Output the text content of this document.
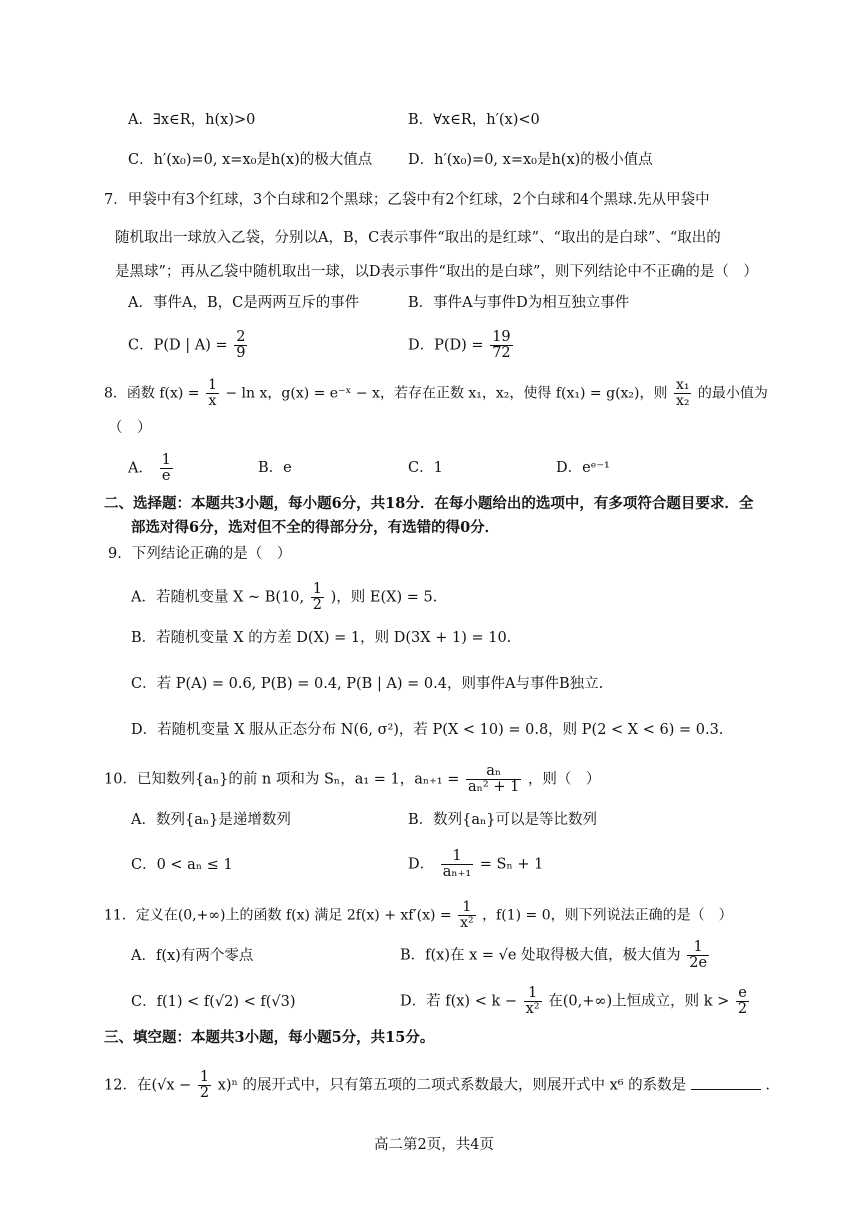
A．∃x∈R，h(x)>0	B．∀x∈R，h′(x)<0
C．h′(x₀)=0, x=x₀是h(x)的极大值点 D．h′(x₀)=0, x=x₀是h(x)的极小值点
7．甲袋中有3个红球，3个白球和2个黑球；乙袋中有2个红球，2个白球和4个黑球.先从甲袋中
随机取出一球放入乙袋，分别以A，B，C表示事件“取出的是红球”、“取出的是白球”、“取出的
是黑球”；再从乙袋中随机取出一球，以D表示事件“取出的是白球”，则下列结论中不正确的是（　）
A．事件A，B，C是两两互斥的事件	B．事件A与事件D为相互独立事件
C．P(D | $A) = \frac{2}{9}$	D．$P(D) = \frac{19}{72}$
8．函数 $f(x) = \frac{1}{x} - \ln x$，g(x) = e⁻ˣ − x，若存在正数 x₁，x₂，使得 f(x₁) = g(x₂)，则 $\frac{\text{x₁}}{\text{x₂}}$ 的最小值为
（　）
A． $\frac{1}{e}$	B．e	C．1	D．eᵉ⁻¹
二、选择题：本题共3小题，每小题6分，共18分．在每小题给出的选项中，有多项符合题目要求．全
部选对得6分，选对但不全的得部分分，有选错的得0分．
9．下列结论正确的是（　）
A．若随机变量 X ~ B(10, $\frac{1}{2}$ )，则 E(X) = 5.
B．若随机变量 X 的方差 D(X) = 1，则 D(3X + 1) = 10.
C．若 P(A) = 0.6, P(B) = 0.4, P(B | A) = 0.4，则事件A与事件B独立.
D．若随机变量 X 服从正态分布 N(6, σ²)，若 P(X < 10) = 0.8，则 P(2 < X < 6) = 0.3.
10．已知数列{aₙ}的前 n 项和为 Sₙ，a₁ = 1，$a_{n+1} = \frac{\text{aₙ}}{\text{aₙ² + 1}}$ ，则（　）
A．数列{aₙ}是递增数列	B．数列{aₙ}可以是等比数列
C．0 < aₙ ≤ 1	D． $\frac{1}{\text{aₙ₊₁}} = S_n + 1$
11．定义在(0,+∞)上的函数 f(x) 满足 $2f(x) + xf'(x) = \frac{1}{\text{x²}}$ ，f(1) = 0，则下列说法正确的是（　）
A．f(x)有两个零点	B．f(x)在 x = √e 处取得极大值，极大值为 $\frac{1}{2e}$
C．f(1) < f(√2) < f(√3)	D．若 $f(x) < k - \frac{1}{\text{x²}}$ 在(0,+∞)上恒成立，则 $k > \frac{e}{2}$
三、填空题：本题共3小题，每小题5分，共15分。
12．在$(√x - \frac{1}{2} x)^n$ 的展开式中，只有第五项的二项式系数最大，则展开式中 x⁶ 的系数是	.
高二第2页，共4页
